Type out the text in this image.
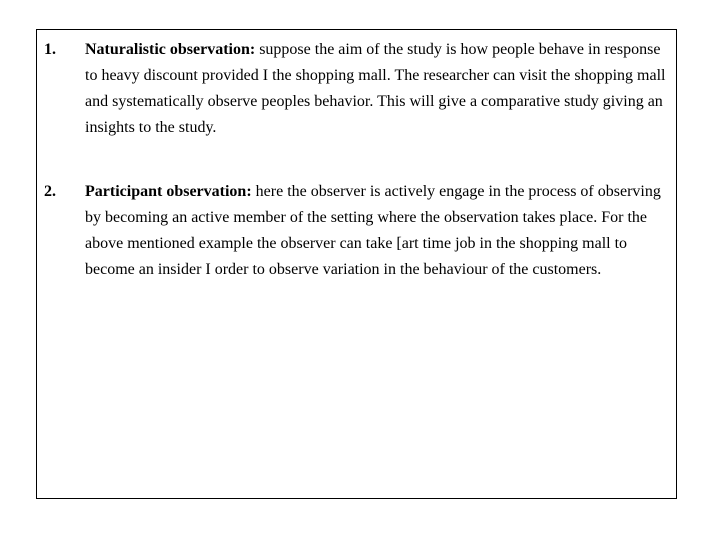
1. Naturalistic observation: suppose the aim of the study is how people behave in response to heavy discount provided I the shopping mall. The researcher can visit the shopping mall and systematically observe peoples behavior. This will give a comparative study giving an insights to the study.
2. Participant observation: here the observer is actively engage in the process of observing by becoming an active member of the setting where the observation takes place. For the above mentioned example the observer can take [art time job in the shopping mall to become an insider I order to observe variation in the behaviour of the customers.
